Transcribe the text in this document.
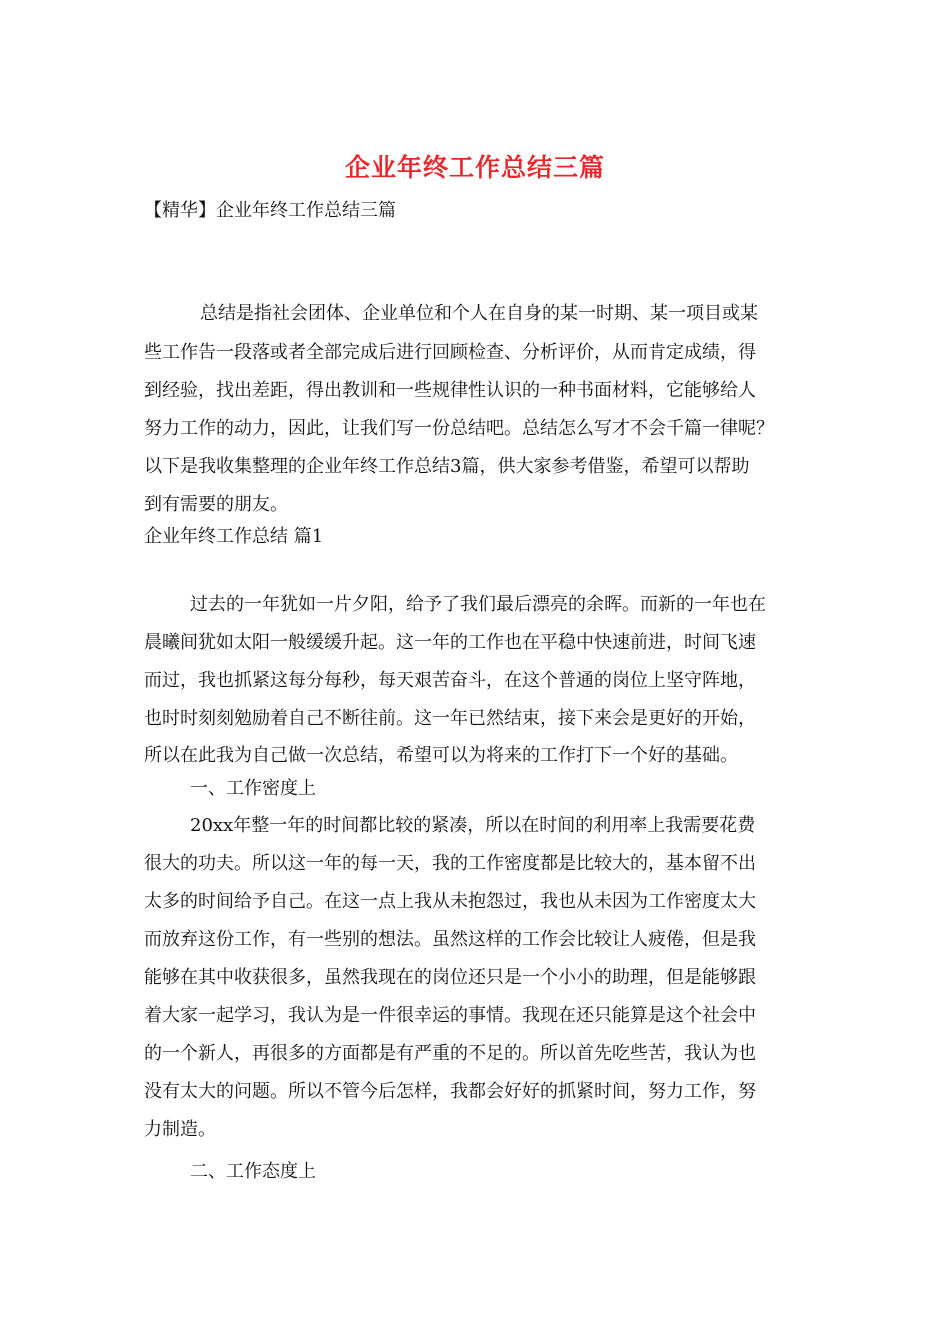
企业年终工作总结三篇
【精华】企业年终工作总结三篇
总结是指社会团体、企业单位和个人在自身的某一时期、某一项目或某
些工作告一段落或者全部完成后进行回顾检查、分析评价，从而肯定成绩，得
到经验，找出差距，得出教训和一些规律性认识的一种书面材料，它能够给人
努力工作的动力，因此，让我们写一份总结吧。总结怎么写才不会千篇一律呢？
以下是我收集整理的企业年终工作总结3篇，供大家参考借鉴，希望可以帮助
到有需要的朋友。
企业年终工作总结 篇1
过去的一年犹如一片夕阳，给予了我们最后漂亮的余晖。而新的一年也在
晨曦间犹如太阳一般缓缓升起。这一年的工作也在平稳中快速前进，时间飞速
而过，我也抓紧这每分每秒，每天艰苦奋斗，在这个普通的岗位上坚守阵地，
也时时刻刻勉励着自己不断往前。这一年已然结束，接下来会是更好的开始，
所以在此我为自己做一次总结，希望可以为将来的工作打下一个好的基础。
一、工作密度上
20xx年整一年的时间都比较的紧凑，所以在时间的利用率上我需要花费
很大的功夫。所以这一年的每一天，我的工作密度都是比较大的，基本留不出
太多的时间给予自己。在这一点上我从未抱怨过，我也从未因为工作密度太大
而放弃这份工作，有一些别的想法。虽然这样的工作会比较让人疲倦，但是我
能够在其中收获很多，虽然我现在的岗位还只是一个小小的助理，但是能够跟
着大家一起学习，我认为是一件很幸运的事情。我现在还只能算是这个社会中
的一个新人，再很多的方面都是有严重的不足的。所以首先吃些苦，我认为也
没有太大的问题。所以不管今后怎样，我都会好好的抓紧时间，努力工作，努
力制造。
二、工作态度上
